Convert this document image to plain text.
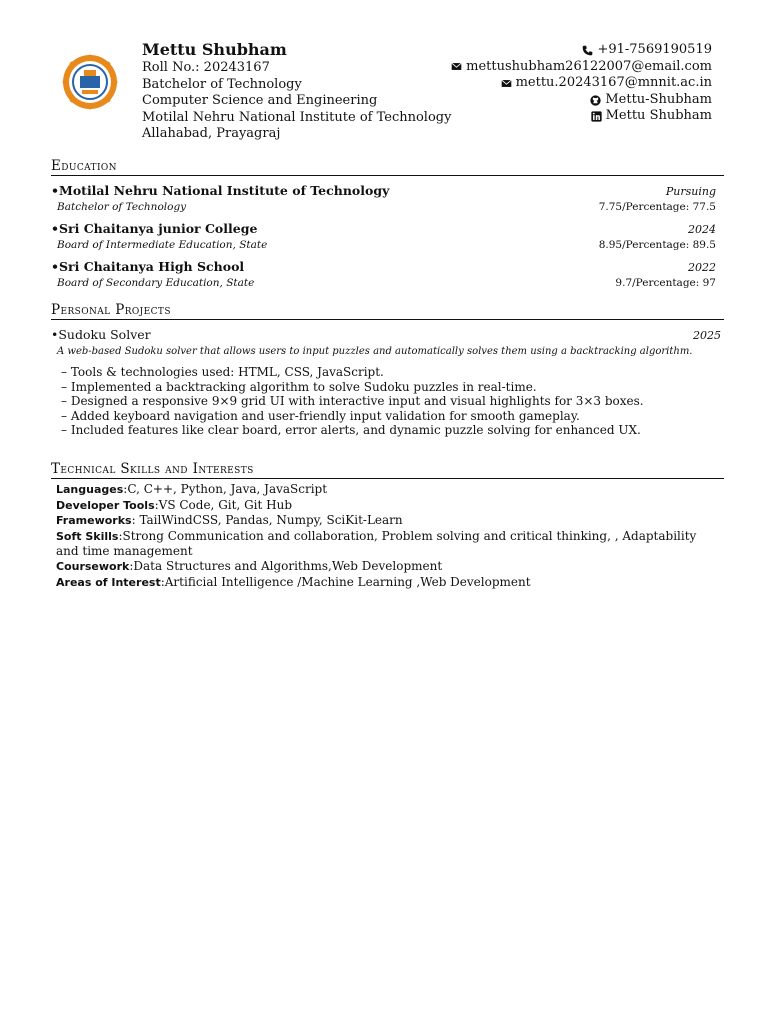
Mettu Shubham
Roll No.: 20243167
Batchelor of Technology
Computer Science and Engineering
Motilal Nehru National Institute of Technology
Allahabad, Prayagraj
+91-7569190519
mettushubham26122007@email.com
mettu.20243167@mnnit.ac.in
Mettu-Shubham
Mettu Shubham
Education
•Motilal Nehru National Institute of Technology	Pursuing
Batchelor of Technology	7.75/Percentage: 77.5
•Sri Chaitanya junior College	2024
Board of Intermediate Education, State	8.95/Percentage: 89.5
•Sri Chaitanya High School	2022
Board of Secondary Education, State	9.7/Percentage: 97
Personal Projects
•Sudoku Solver	2025
A web-based Sudoku solver that allows users to input puzzles and automatically solves them using a backtracking algorithm.
– Tools & technologies used: HTML, CSS, JavaScript.
– Implemented a backtracking algorithm to solve Sudoku puzzles in real-time.
– Designed a responsive 9×9 grid UI with interactive input and visual highlights for 3×3 boxes.
– Added keyboard navigation and user-friendly input validation for smooth gameplay.
– Included features like clear board, error alerts, and dynamic puzzle solving for enhanced UX.
Technical Skills and Interests
Languages:C, C++, Python, Java, JavaScript
Developer Tools:VS Code, Git, Git Hub
Frameworks: TailWindCSS, Pandas, Numpy, SciKit-Learn
Soft Skills:Strong Communication and collaboration, Problem solving and critical thinking, , Adaptability and time management
Coursework:Data Structures and Algorithms,Web Development
Areas of Interest:Artificial Intelligence /Machine Learning ,Web Development
